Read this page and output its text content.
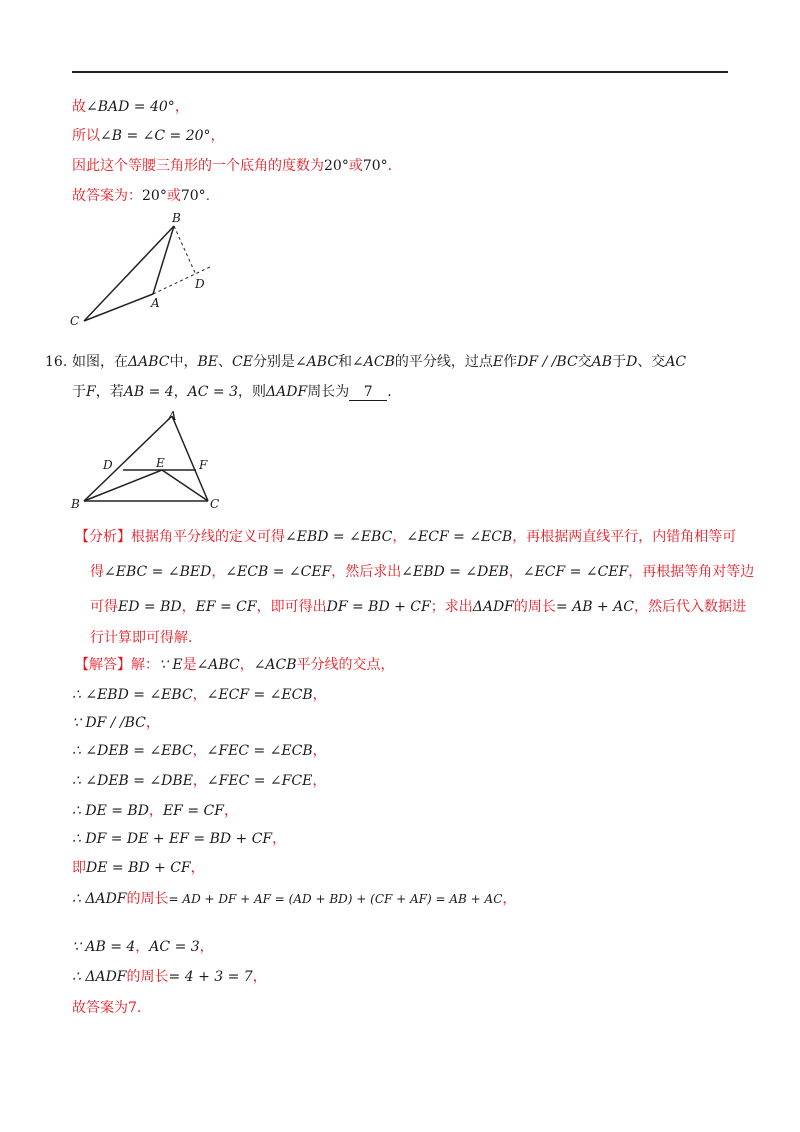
故∠BAD = 40°，
所以∠B = ∠C = 20°，
因此这个等腰三角形的一个底角的度数为20°或70°.
故答案为：20°或70°.
B
A
D
C
16. 如图，在ΔABC中，BE、CE分别是∠ABC和∠ACB的平分线，过点E作DF / /BC交AB于D、交AC
于F，若AB = 4，AC = 3，则ΔADF周长为 7 .
A
D	E	F
B	C
【分析】根据角平分线的定义可得∠EBD = ∠EBC，∠ECF = ∠ECB，再根据两直线平行，内错角相等可
得∠EBC = ∠BED，∠ECB = ∠CEF，然后求出∠EBD = ∠DEB，∠ECF = ∠CEF，再根据等角对等边
可得ED = BD，EF = CF，即可得出DF = BD + CF；求出ΔADF的周长= AB + AC，然后代入数据进
行计算即可得解.
【解答】解：∵ E是∠ABC，∠ACB平分线的交点，
∴ ∠EBD = ∠EBC，∠ECF = ∠ECB，
∵ DF / /BC，
∴ ∠DEB = ∠EBC，∠FEC = ∠ECB，
∴ ∠DEB = ∠DBE，∠FEC = ∠FCE，
∴ DE = BD，EF = CF，
∴ DF = DE + EF = BD + CF，
即DE = BD + CF，
∴ ΔADF的周长= AD + DF + AF = (AD + BD) + (CF + AF) = AB + AC，
∵ AB = 4，AC = 3，
∴ ΔADF的周长= 4 + 3 = 7，
故答案为7.
